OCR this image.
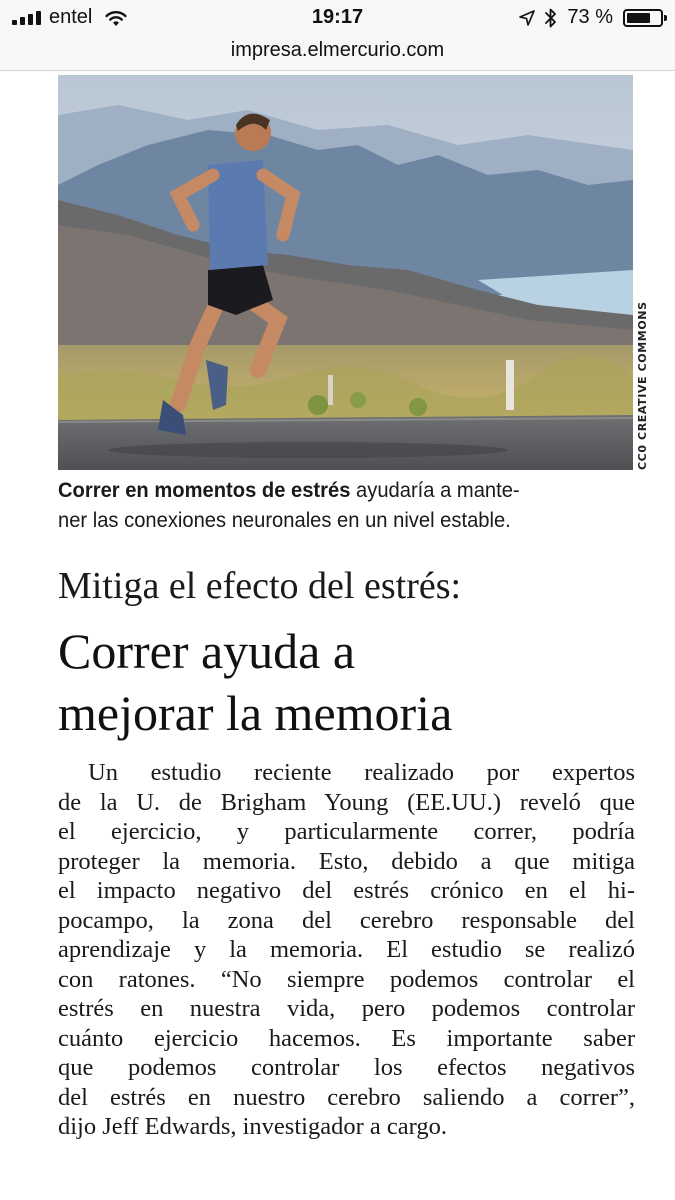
entel	19:17	73 %
impresa.elmercurio.com
CC0 CREATIVE COMMONS
Correr en momentos de estrés ayudaría a mante-
ner las conexiones neuronales en un nivel estable.
Mitiga el efecto del estrés:
Correr ayuda a
mejorar la memoria
Un estudio reciente realizado por expertos
de la U. de Brigham Young (EE.UU.) reveló que
el ejercicio, y particularmente correr, podría
proteger la memoria. Esto, debido a que mitiga
el impacto negativo del estrés crónico en el hi-
pocampo, la zona del cerebro responsable del
aprendizaje y la memoria. El estudio se realizó
con ratones. “No siempre podemos controlar el
estrés en nuestra vida, pero podemos controlar
cuánto ejercicio hacemos. Es importante saber
que podemos controlar los efectos negativos
del estrés en nuestro cerebro saliendo a correr”,
dijo Jeff Edwards, investigador a cargo.
